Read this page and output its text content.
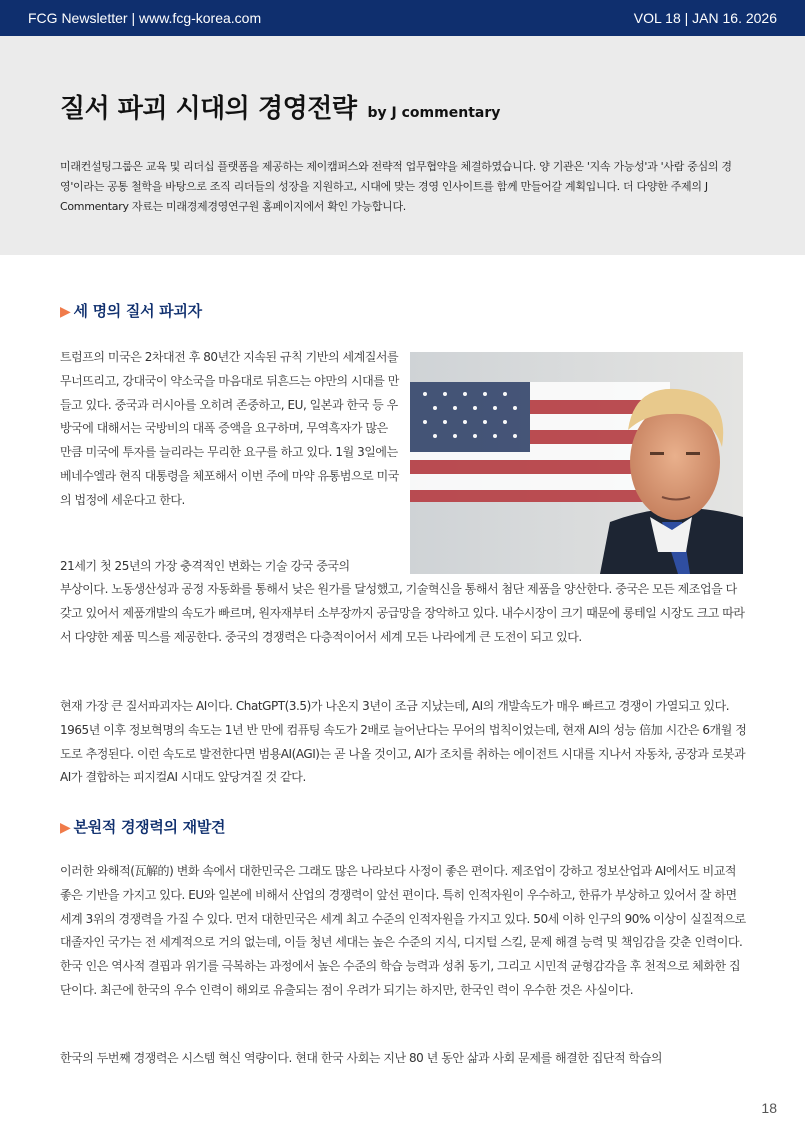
FCG Newsletter | www.fcg-korea.com	VOL 18 | JAN 16. 2026
질서 파괴 시대의 경영전략 by J commentary

미래컨설팅그룹은 교육 및 리더십 플랫폼을 제공하는 제이캠퍼스와 전략적 업무협약을 체결하였습니다. 양 기관은 '지속 가능성'과 '사람 중심의 경영'이라는 공통 철학을 바탕으로 조직 리더들의 성장을 지원하고, 시대에 맞는 경영 인사이트를 함께 만들어갈 계획입니다. 더 다양한 주제의 J Commentary 자료는 미래경제경영연구원 홈페이지에서 확인 가능합니다.

▶ 세 명의 질서 파괴자

트럼프의 미국은 2차대전 후 80년간 지속된 규칙 기반의 세계질서를 무너뜨리고, 강대국이 약소국을 마음대로 뒤흔드는 야만의 시대를 만들고 있다. 중국과 러시아를 오히려 존중하고, EU, 일본과 한국 등 우방국에 대해서는 국방비의 대폭 증액을 요구하며, 무역흑자가 많은 만큼 미국에 투자를 늘리라는 무리한 요구를 하고 있다. 1월 3일에는 베네수엘라 현직 대통령을 체포해서 이번 주에 마약 유통범으로 미국의 법정에 세운다고 한다.

21세기 첫 25년의 가장 충격적인 변화는 기술 강국 중국의

부상이다. 노동생산성과 공정 자동화를 통해서 낮은 원가를 달성했고, 기술혁신을 통해서 첨단 제품을 양산한다. 중국은 모든 제조업을 다 갖고 있어서 제품개발의 속도가 빠르며, 원자재부터 소부장까지 공급망을 장악하고 있다. 내수시장이 크기 때문에 롱테일 시장도 크고 따라서 다양한 제품 믹스를 제공한다. 중국의 경쟁력은 다층적이어서 세계 모든 나라에게 큰 도전이 되고 있다.

현재 가장 큰 질서파괴자는 AI이다. ChatGPT(3.5)가 나온지 3년이 조금 지났는데, AI의 개발속도가 매우 빠르고 경쟁이 가열되고 있다. 1965년 이후 정보혁명의 속도는 1년 반 만에 컴퓨팅 속도가 2배로 늘어난다는 무어의 법칙이었는데, 현재 AI의 성능 倍加 시간은 6개월 정도로 추정된다. 이런 속도로 발전한다면 범용AI(AGI)는 곧 나올 것이고, AI가 조치를 취하는 에이전트 시대를 지나서 자동차, 공장과 로봇과 AI가 결합하는 피지컬AI 시대도 앞당겨질 것 같다.

▶ 본원적 경쟁력의 재발견

이러한 와해적(瓦解的) 변화 속에서 대한민국은 그래도 많은 나라보다 사정이 좋은 편이다. 제조업이 강하고 정보산업과 AI에서도 비교적 좋은 기반을 가지고 있다. EU와 일본에 비해서 산업의 경쟁력이 앞선 편이다. 특히 인적자원이 우수하고, 한류가 부상하고 있어서 잘 하면 세계 3위의 경쟁력을 가질 수 있다. 먼저 대한민국은 세계 최고 수준의 인적자원을 가지고 있다. 50세 이하 인구의 90% 이상이 실질적으로 대졸자인 국가는 전 세계적으로 거의 없는데, 이들 청년 세대는 높은 수준의 지식, 디지털 스킬, 문제 해결 능력 및 책임감을 갖춘 인력이다. 한국 인은 역사적 결핍과 위기를 극복하는 과정에서 높은 수준의 학습 능력과 성취 동기, 그리고 시민적 균형감각을 후 천적으로 체화한 집단이다. 최근에 한국의 우수 인력이 해외로 유출되는 점이 우려가 되기는 하지만, 한국인 력이 우수한 것은 사실이다.

한국의 두번째 경쟁력은 시스템 혁신 역량이다. 현대 한국 사회는 지난 80 년 동안 삶과 사회 문제를 해결한 집단적 학습의

18
